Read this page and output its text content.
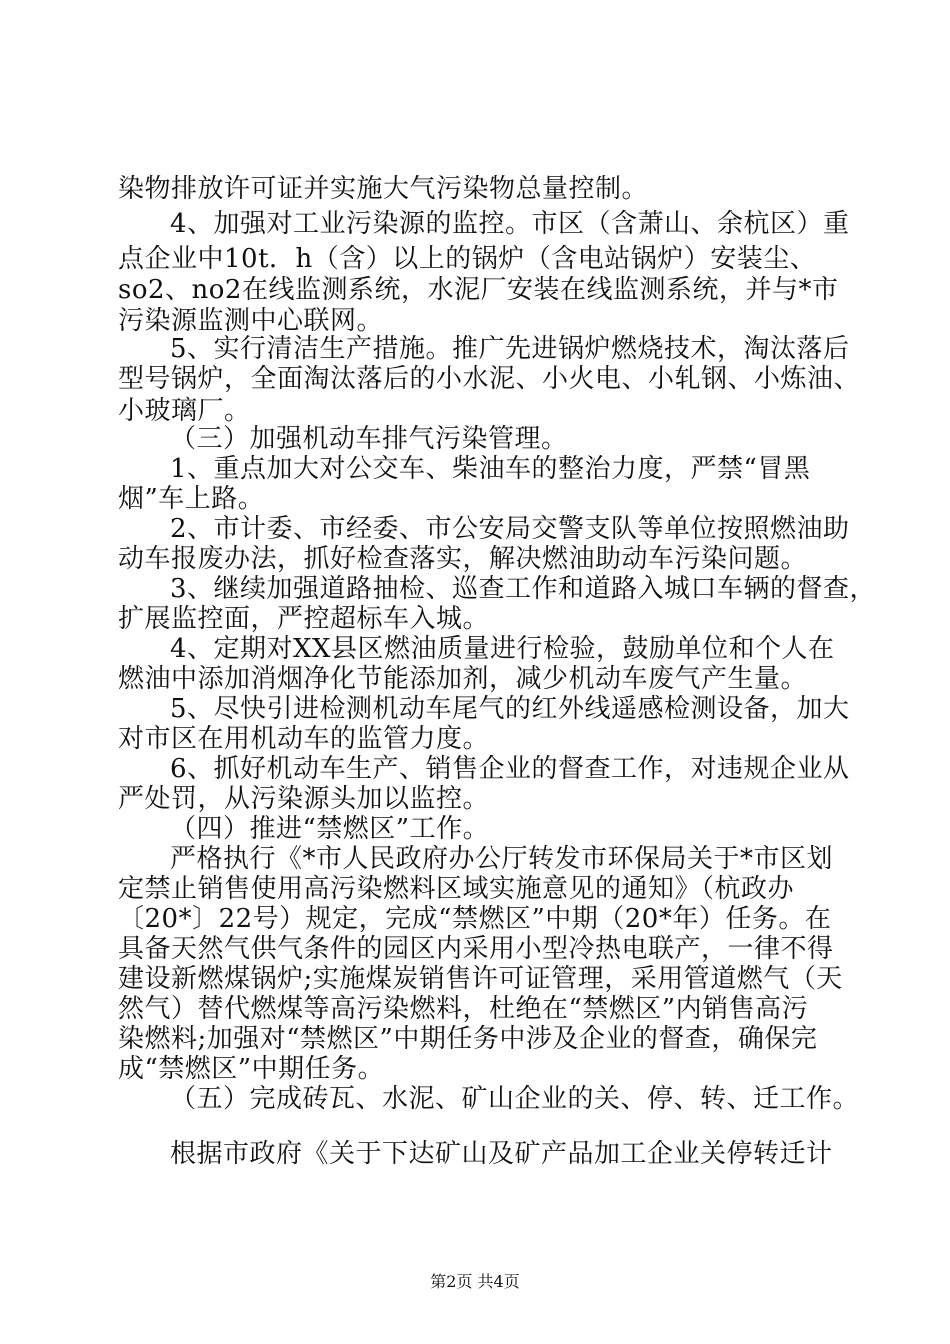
染物排放许可证并实施大气污染物总量控制。
4、加强对工业污染源的监控。市区（含萧山、余杭区）重
点企业中10t．h（含）以上的锅炉（含电站锅炉）安装尘、
so2、no2在线监测系统，水泥厂安装在线监测系统，并与*市
污染源监测中心联网。
5、实行清洁生产措施。推广先进锅炉燃烧技术，淘汰落后
型号锅炉，全面淘汰落后的小水泥、小火电、小轧钢、小炼油、
小玻璃厂。
（三）加强机动车排气污染管理。
1、重点加大对公交车、柴油车的整治力度，严禁“冒黑
烟”车上路。
2、市计委、市经委、市公安局交警支队等单位按照燃油助
动车报废办法，抓好检查落实，解决燃油助动车污染问题。
3、继续加强道路抽检、巡查工作和道路入城口车辆的督查，
扩展监控面，严控超标车入城。
4、定期对XX县区燃油质量进行检验，鼓励单位和个人在
燃油中添加消烟净化节能添加剂，减少机动车废气产生量。
5、尽快引进检测机动车尾气的红外线遥感检测设备，加大
对市区在用机动车的监管力度。
6、抓好机动车生产、销售企业的督查工作，对违规企业从
严处罚，从污染源头加以监控。
（四）推进“禁燃区”工作。
严格执行《*市人民政府办公厅转发市环保局关于*市区划
定禁止销售使用高污染燃料区域实施意见的通知》（杭政办
〔20*〕22号）规定，完成“禁燃区”中期（20*年）任务。在
具备天然气供气条件的园区内采用小型冷热电联产，一律不得
建设新燃煤锅炉;实施煤炭销售许可证管理，采用管道燃气（天
然气）替代燃煤等高污染燃料，杜绝在“禁燃区”内销售高污
染燃料;加强对“禁燃区”中期任务中涉及企业的督查，确保完
成“禁燃区”中期任务。
（五）完成砖瓦、水泥、矿山企业的关、停、转、迁工作。
根据市政府《关于下达矿山及矿产品加工企业关停转迁计
第2页 共4页
